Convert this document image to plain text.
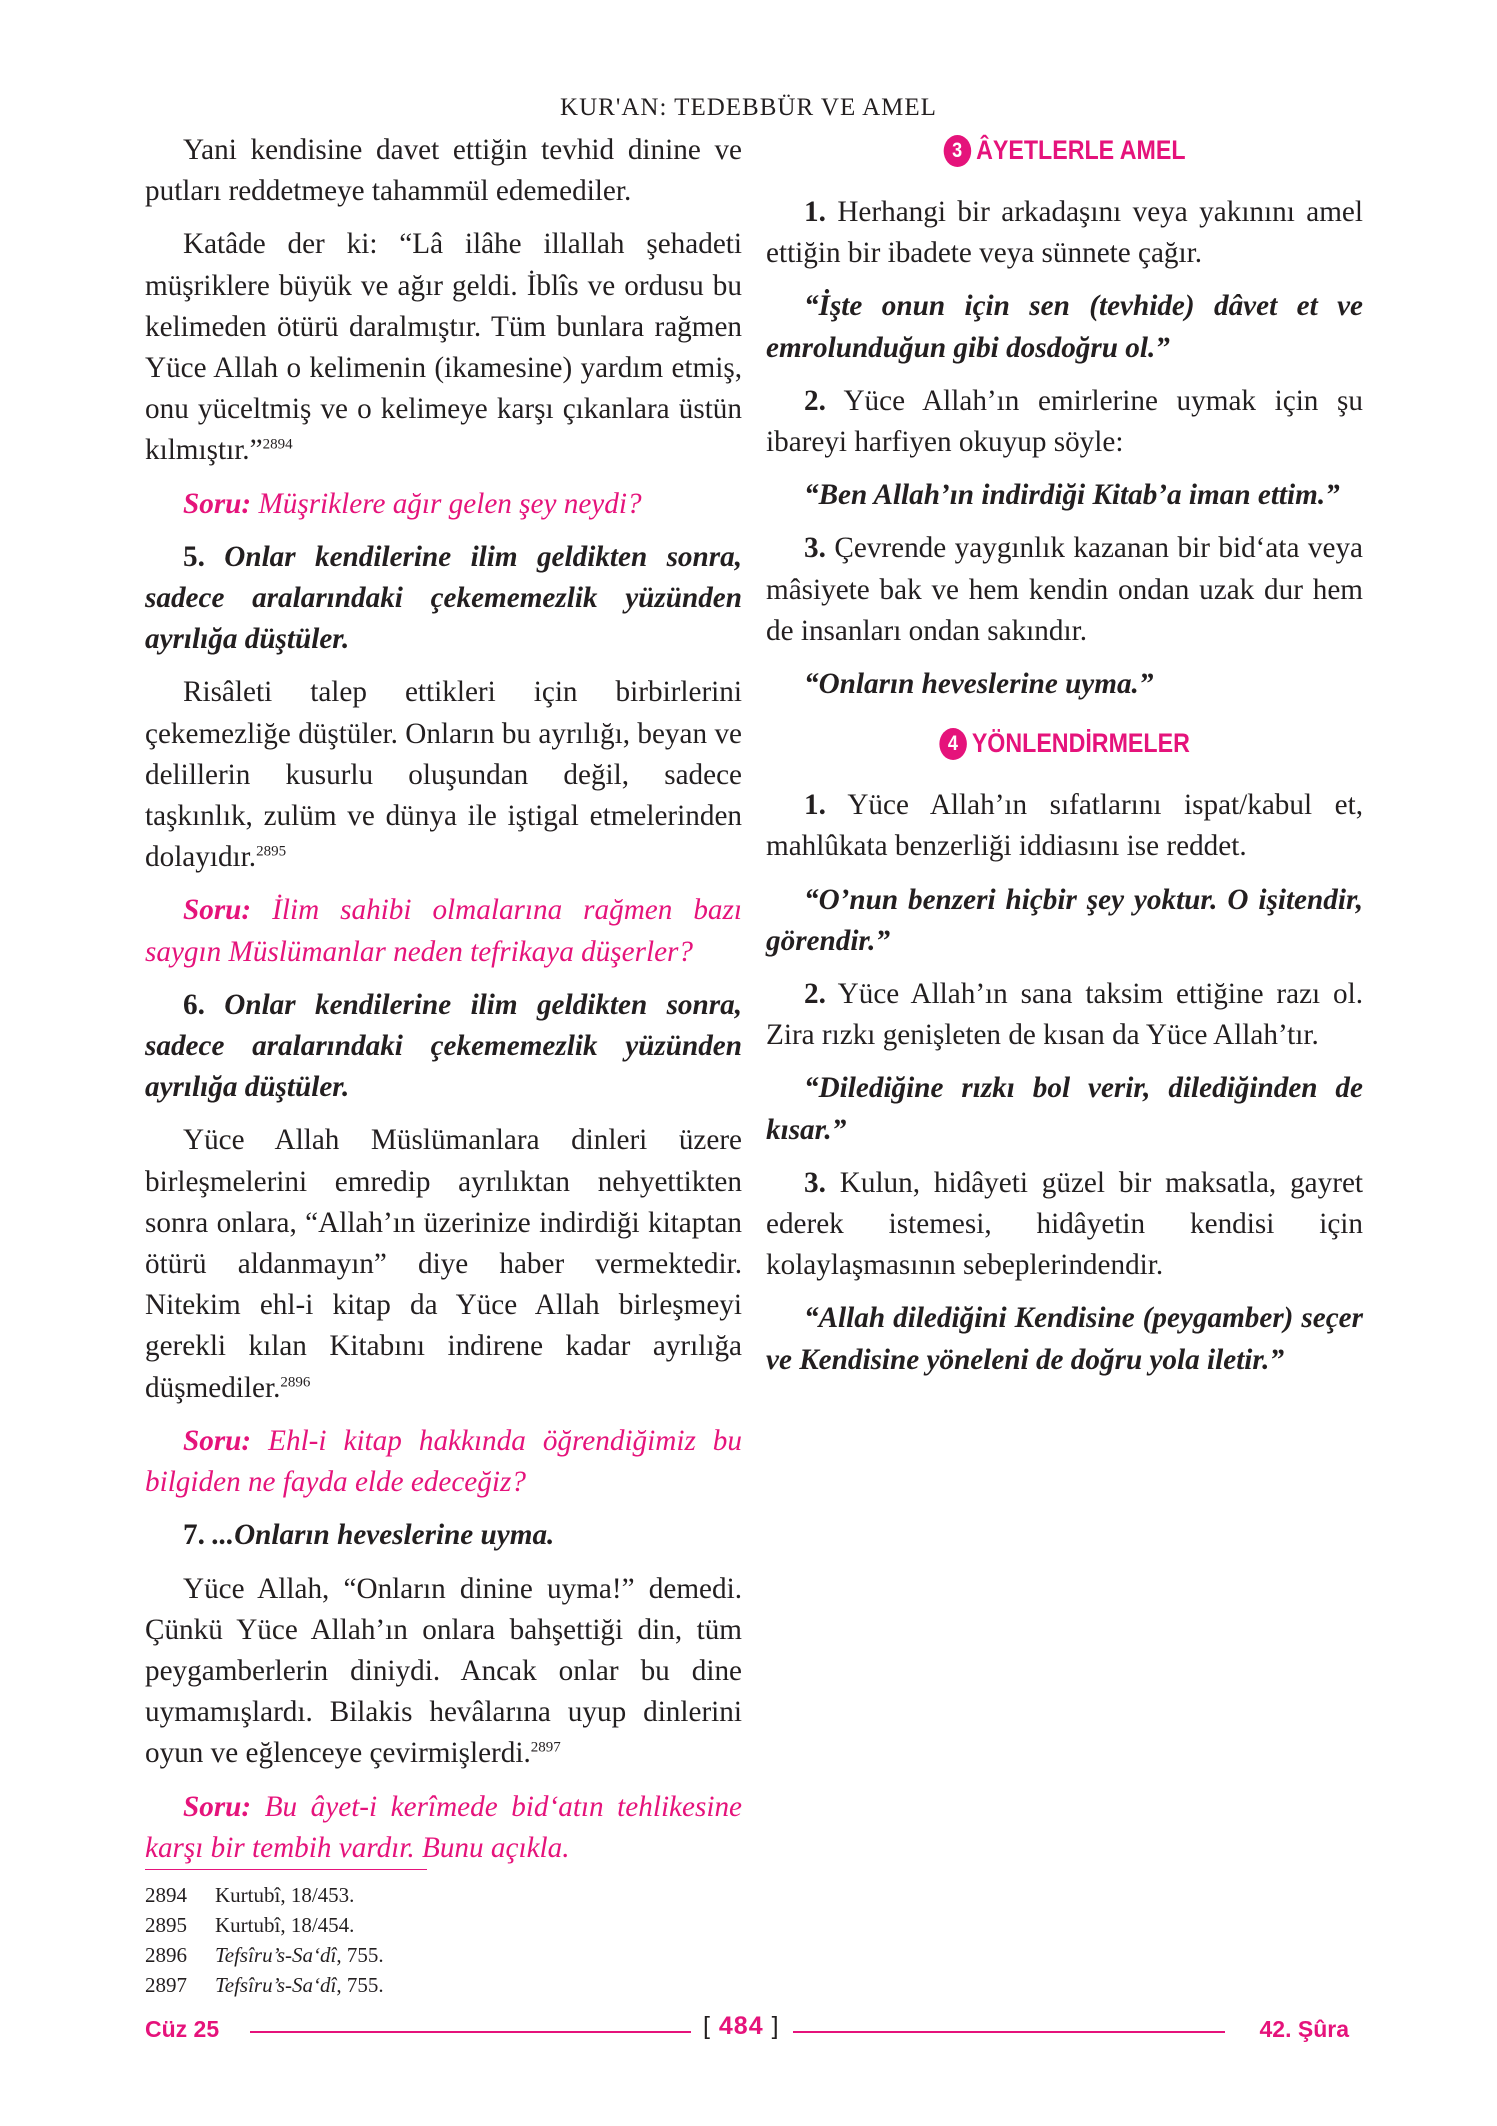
KUR'AN: TEDEBBÜR VE AMEL

Yani kendisine davet ettiğin tevhid dinine ve putları reddetmeye tahammül edemediler.

Katâde der ki: “Lâ ilâhe illallah şehadeti müşriklere büyük ve ağır geldi. İblîs ve ordusu bu kelimeden ötürü daralmıştır. Tüm bunlara rağmen Yüce Allah o kelimenin (ikamesine) yardım etmiş, onu yüceltmiş ve o kelimeye karşı çıkanlara üstün kılmıştır.”$^{2894}$

Soru: Müşriklere ağır gelen şey neydi?

5. Onlar kendilerine ilim geldikten sonra, sadece aralarındaki çekememezlik yüzünden ayrılığa düştüler.

Risâleti talep ettikleri için birbirlerini çekemezliğe düştüler. Onların bu ayrılığı, beyan ve delillerin kusurlu oluşundan değil, sadece taşkınlık, zulüm ve dünya ile iştigal etmelerinden dolayıdır.$^{2895}$

Soru: İlim sahibi olmalarına rağmen bazı saygın Müslümanlar neden tefrikaya düşerler?

6. Onlar kendilerine ilim geldikten sonra, sadece aralarındaki çekememezlik yüzünden ayrılığa düştüler.

Yüce Allah Müslümanlara dinleri üzere birleşmelerini emredip ayrılıktan nehyettikten sonra onlara, “Allah’ın üzerinize indirdiği kitaptan ötürü aldanmayın” diye haber vermektedir. Nitekim ehl-i kitap da Yüce Allah birleşmeyi gerekli kılan Kitabını indirene kadar ayrılığa düşmediler.$^{2896}$

Soru: Ehl-i kitap hakkında öğrendiğimiz bu bilgiden ne fayda elde edeceğiz?

7. ...Onların heveslerine uyma.

Yüce Allah, “Onların dinine uyma!” demedi. Çünkü Yüce Allah’ın onlara bahşettiği din, tüm peygamberlerin diniydi. Ancak onlar bu dine uymamışlardı. Bilakis hevâlarına uyup dinlerini oyun ve eğlenceye çevirmişlerdi.$^{2897}$

Soru: Bu âyet-i kerîmede bid‘atın tehlikesine karşı bir tembih vardır. Bunu açıkla.

3 ÂYETLERLE AMEL

1. Herhangi bir arkadaşını veya yakınını amel ettiğin bir ibadete veya sünnete çağır.

“İşte onun için sen (tevhide) dâvet et ve emrolunduğun gibi dosdoğru ol.”

2. Yüce Allah’ın emirlerine uymak için şu ibareyi harfiyen okuyup söyle:

“Ben Allah’ın indirdiği Kitab’a iman ettim.”

3. Çevrende yaygınlık kazanan bir bid‘ata veya mâsiyete bak ve hem kendin ondan uzak dur hem de insanları ondan sakındır.

“Onların heveslerine uyma.”

4 YÖNLENDİRMELER

1. Yüce Allah’ın sıfatlarını ispat/kabul et, mahlûkata benzerliği iddiasını ise reddet.

“O’nun benzeri hiçbir şey yoktur. O işitendir, görendir.”

2. Yüce Allah’ın sana taksim ettiğine razı ol. Zira rızkı genişleten de kısan da Yüce Allah’tır.

“Dilediğine rızkı bol verir, dilediğinden de kısar.”

3. Kulun, hidâyeti güzel bir maksatla, gayret ederek istemesi, hidâyetin kendisi için kolaylaşmasının sebeplerindendir.

“Allah dilediğini Kendisine (peygamber) seçer ve Kendisine yöneleni de doğru yola iletir.”

2894 Kurtubî, 18/453.
2895 Kurtubî, 18/454.
2896 Tefsîru’s-Sa‘dî, 755.
2897 Tefsîru’s-Sa‘dî, 755.
Cüz 25	[ 484 ]	42. Şûra
